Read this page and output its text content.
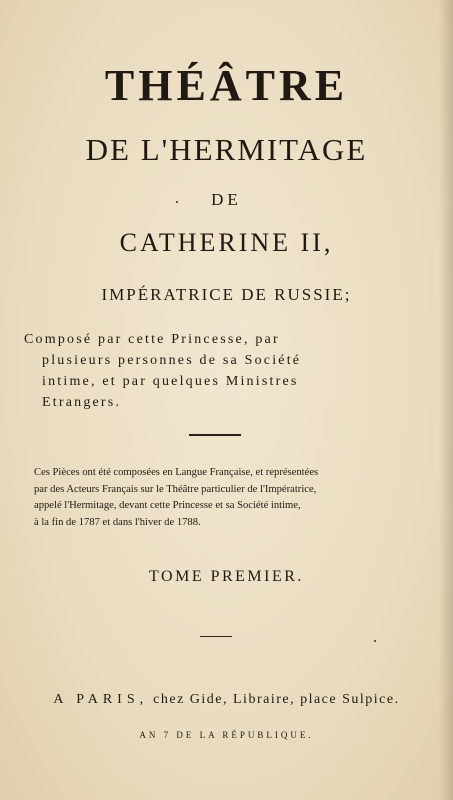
THÉÂTRE
DE L'HERMITAGE
DE
CATHERINE II,
IMPÉRATRICE DE RUSSIE;
Composé par cette Princesse, par
plusieurs personnes de sa Société
intime, et par quelques Ministres
Etrangers.
Ces Pièces ont été composées en Langue Française, et représentées
par des Acteurs Français sur le Théâtre particulier de l'Impératrice,
appelé l'Hermitage, devant cette Princesse et sa Société intime,
à la fin de 1787 et dans l'hiver de 1788.
TOME PREMIER.
A PARIS, chez Gide, Libraire, place Sulpice.
AN 7 DE LA RÉPUBLIQUE.
